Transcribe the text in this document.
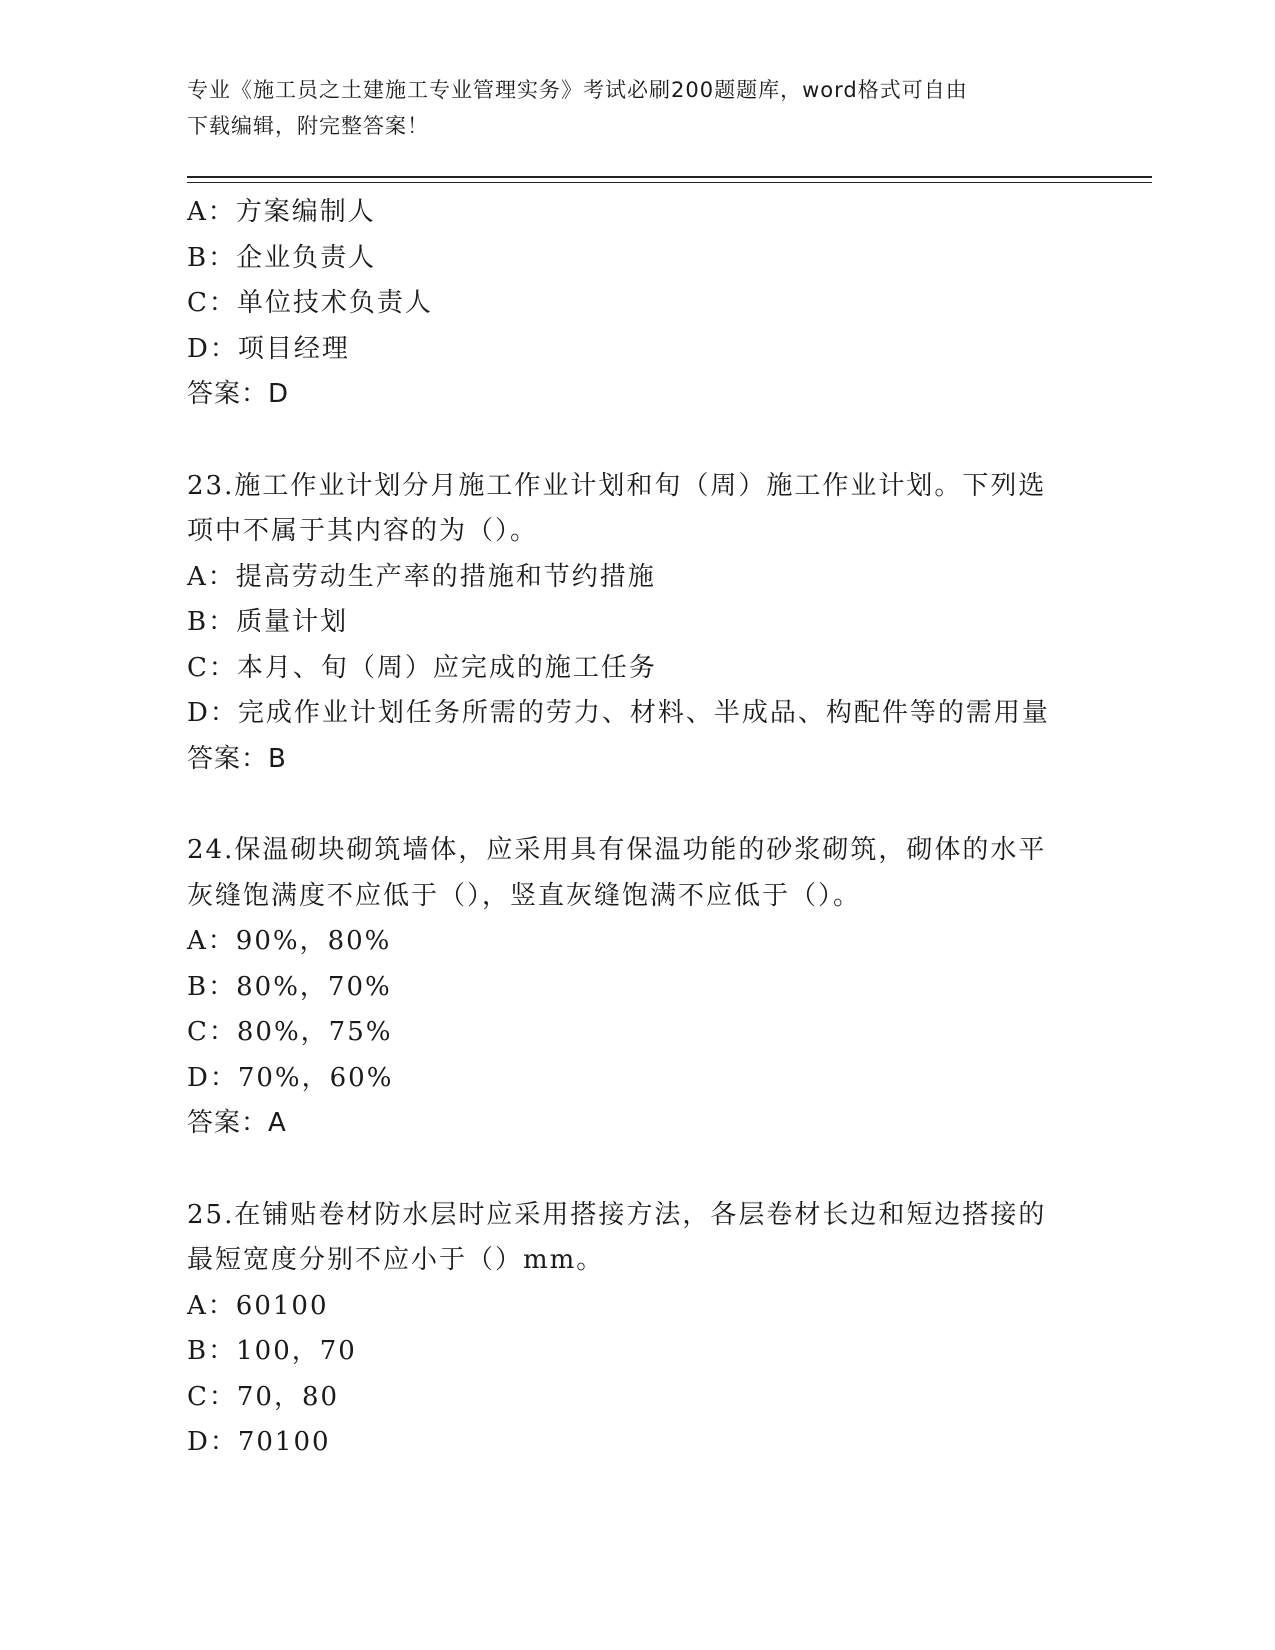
专业《施工员之土建施工专业管理实务》考试必刷200题题库，word格式可自由
下载编辑，附完整答案！
A：方案编制人
B：企业负责人
C：单位技术负责人
D：项目经理
答案：D
23.施工作业计划分月施工作业计划和旬（周）施工作业计划。下列选
项中不属于其内容的为（）。
A：提高劳动生产率的措施和节约措施
B：质量计划
C：本月、旬（周）应完成的施工任务
D：完成作业计划任务所需的劳力、材料、半成品、构配件等的需用量
答案：B
24.保温砌块砌筑墙体，应采用具有保温功能的砂浆砌筑，砌体的水平
灰缝饱满度不应低于（），竖直灰缝饱满不应低于（）。
A：90%，80%
B：80%，70%
C：80%，75%
D：70%，60%
答案：A
25.在铺贴卷材防水层时应采用搭接方法，各层卷材长边和短边搭接的
最短宽度分别不应小于（）mm。
A：60100
B：100，70
C：70，80
D：70100
